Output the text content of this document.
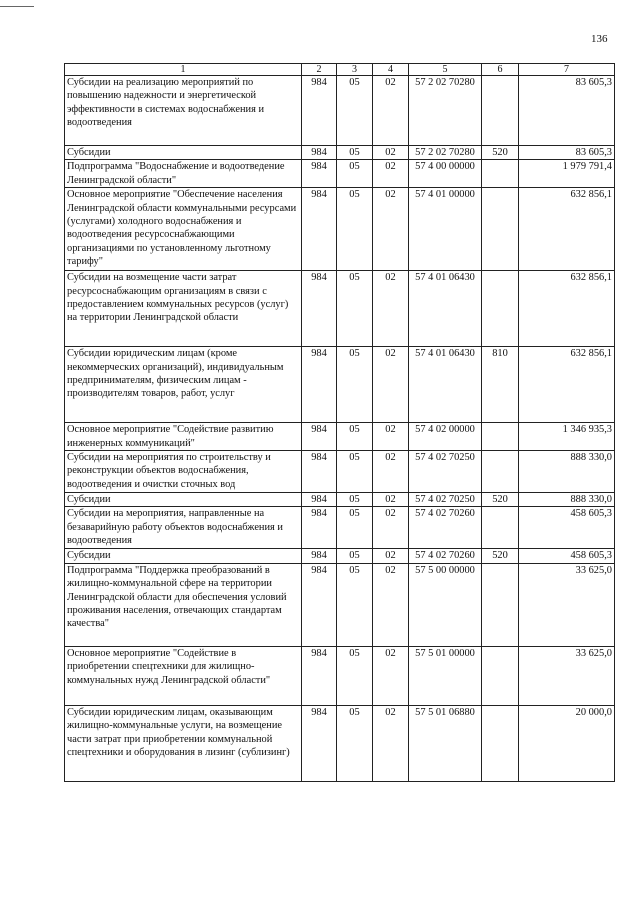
136
1	2	3	4	5	6	7
Субсидии на реализацию мероприятий по повышению надежности и энергетической эффективности в системах водоснабжения и водоотведения	984	05	02	57 2 02 70280		83 605,3
Субсидии	984	05	02	57 2 02 70280	520	83 605,3
Подпрограмма "Водоснабжение и водоотведение Ленинградской области"	984	05	02	57 4 00 00000		1 979 791,4
Основное мероприятие "Обеспечение населения Ленинградской области коммунальными ресурсами (услугами) холодного водоснабжения и водоотведения ресурсоснабжающими организациями по установленному льготному тарифу"	984	05	02	57 4 01 00000		632 856,1
Субсидии на возмещение части затрат ресурсоснабжающим организациям в связи с предоставлением коммунальных ресурсов (услуг) на территории Ленинградской области	984	05	02	57 4 01 06430		632 856,1
Субсидии юридическим лицам (кроме некоммерческих организаций), индивидуальным предпринимателям, физическим лицам - производителям товаров, работ, услуг	984	05	02	57 4 01 06430	810	632 856,1
Основное мероприятие "Содействие развитию инженерных коммуникаций"	984	05	02	57 4 02 00000		1 346 935,3
Субсидии на мероприятия по строительству и реконструкции объектов водоснабжения, водоотведения и очистки сточных вод	984	05	02	57 4 02 70250		888 330,0
Субсидии	984	05	02	57 4 02 70250	520	888 330,0
Субсидии на мероприятия, направленные на безаварийную работу объектов водоснабжения и водоотведения	984	05	02	57 4 02 70260		458 605,3
Субсидии	984	05	02	57 4 02 70260	520	458 605,3
Подпрограмма "Поддержка преобразований в жилищно-коммунальной сфере на территории Ленинградской области для обеспечения условий проживания населения, отвечающих стандартам качества"	984	05	02	57 5 00 00000		33 625,0
Основное мероприятие "Содействие в приобретении спецтехники для жилищно-коммунальных нужд Ленинградской области"	984	05	02	57 5 01 00000		33 625,0
Субсидии юридическим лицам, оказывающим жилищно-коммунальные услуги, на возмещение части затрат при приобретении коммунальной спецтехники и оборудования в лизинг (сублизинг)	984	05	02	57 5 01 06880		20 000,0
